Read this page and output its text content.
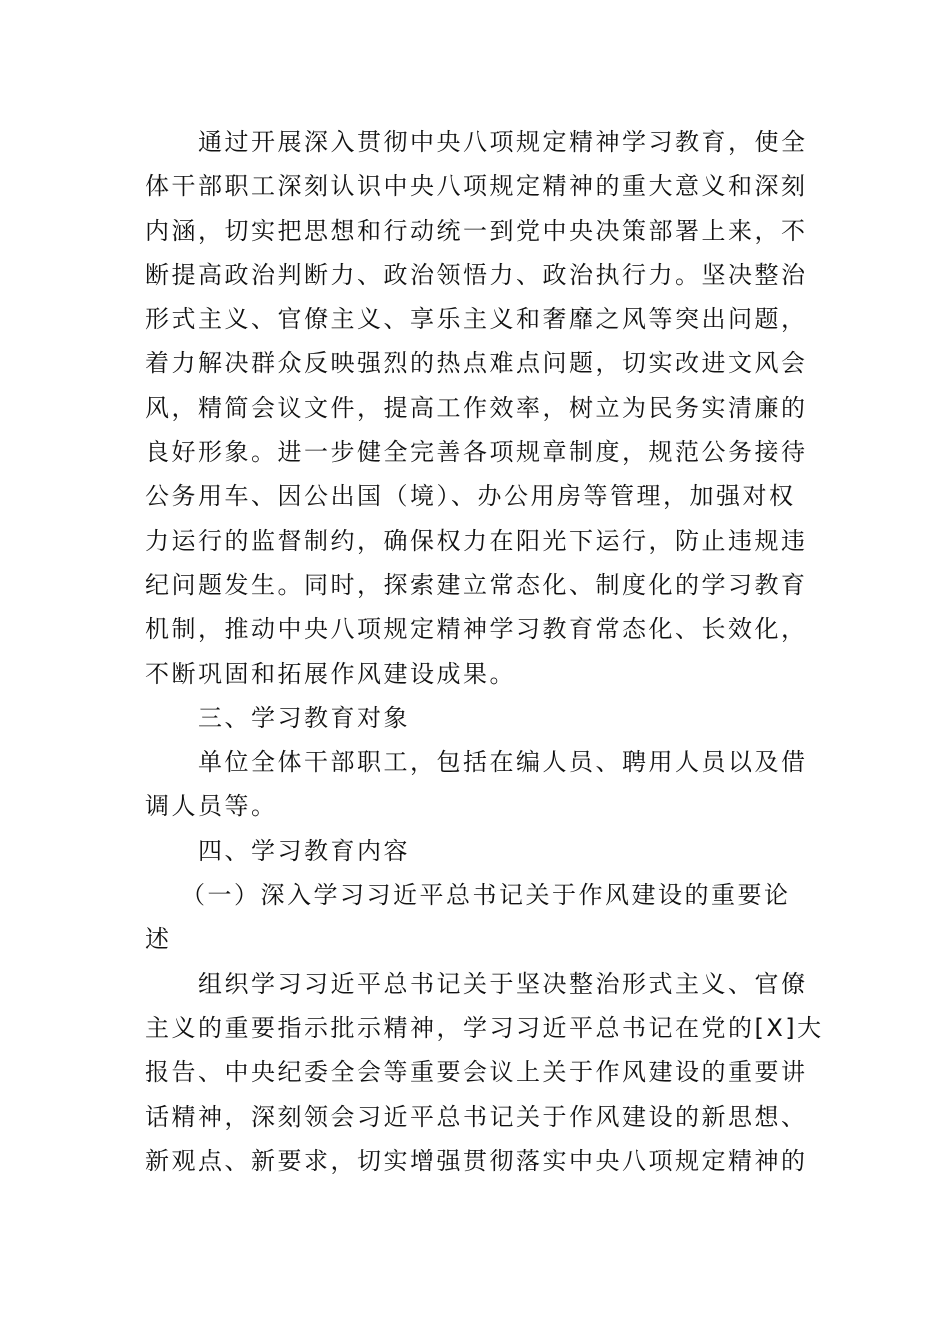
通过开展深入贯彻中央八项规定精神学习教育，使全
体干部职工深刻认识中央八项规定精神的重大意义和深刻
内涵，切实把思想和行动统一到党中央决策部署上来，不
断提高政治判断力、政治领悟力、政治执行力。坚决整治
形式主义、官僚主义、享乐主义和奢靡之风等突出问题，
着力解决群众反映强烈的热点难点问题，切实改进文风会
风，精简会议文件，提高工作效率，树立为民务实清廉的
良好形象。进一步健全完善各项规章制度，规范公务接待
公务用车、因公出国（境）、办公用房等管理，加强对权
力运行的监督制约，确保权力在阳光下运行，防止违规违
纪问题发生。同时，探索建立常态化、制度化的学习教育
机制，推动中央八项规定精神学习教育常态化、长效化，
不断巩固和拓展作风建设成果。
三、学习教育对象
单位全体干部职工，包括在编人员、聘用人员以及借
调人员等。
四、学习教育内容
（一）深入学习习近平总书记关于作风建设的重要论
述
组织学习习近平总书记关于坚决整治形式主义、官僚
主义的重要指示批示精神，学习习近平总书记在党的[X]大
报告、中央纪委全会等重要会议上关于作风建设的重要讲
话精神，深刻领会习近平总书记关于作风建设的新思想、
新观点、新要求，切实增强贯彻落实中央八项规定精神的
